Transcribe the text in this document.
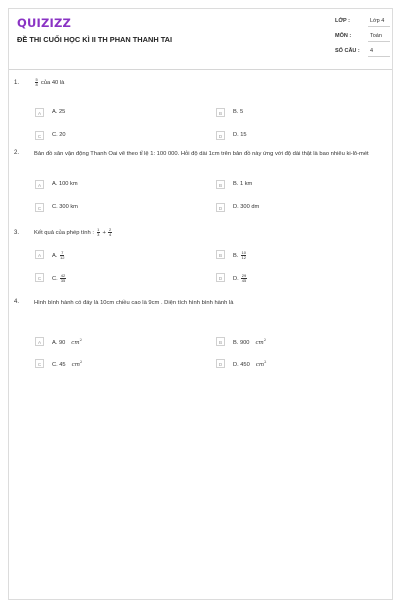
QUIZIZZ
ĐỀ THI CUỐI HỌC KÌ II TH PHAN THANH TAI
LỚP :	Lớp 4
MÔN :	Toán
SỐ CÂU : 4
1.	$\frac{5}{8}$ của 40 là
A	A. 25	B	B. 5
C	C. 20	D	D. 15
2.	Bản đồ sân vận động Thanh Oai vẽ theo tỉ lệ 1: 100 000. Hỏi độ dài 1cm trên bản đồ này ứng với độ dài thật là bao nhiêu ki-lô-mét
A	A. 100 km	B	B. 1 km
C	C. 300 km	D	D. 300 dm
3.	Kết quả của phép tính : $\frac{1}{3} + \frac{2}{4}$
A	A. $\frac{7}{12}$	B	B. $\frac{10}{12}$
C	C. $\frac{42}{35}$	D	D. $\frac{29}{45}$
4.	Hình bình hành có đáy là 10cm chiều cao là 9cm . Diện tích hình bình hành là
A	A. 90 $cm^2$	B	B. 900 $cm^2$
C	C. 45 $cm^2$	D	D. 450 $cm^2$
